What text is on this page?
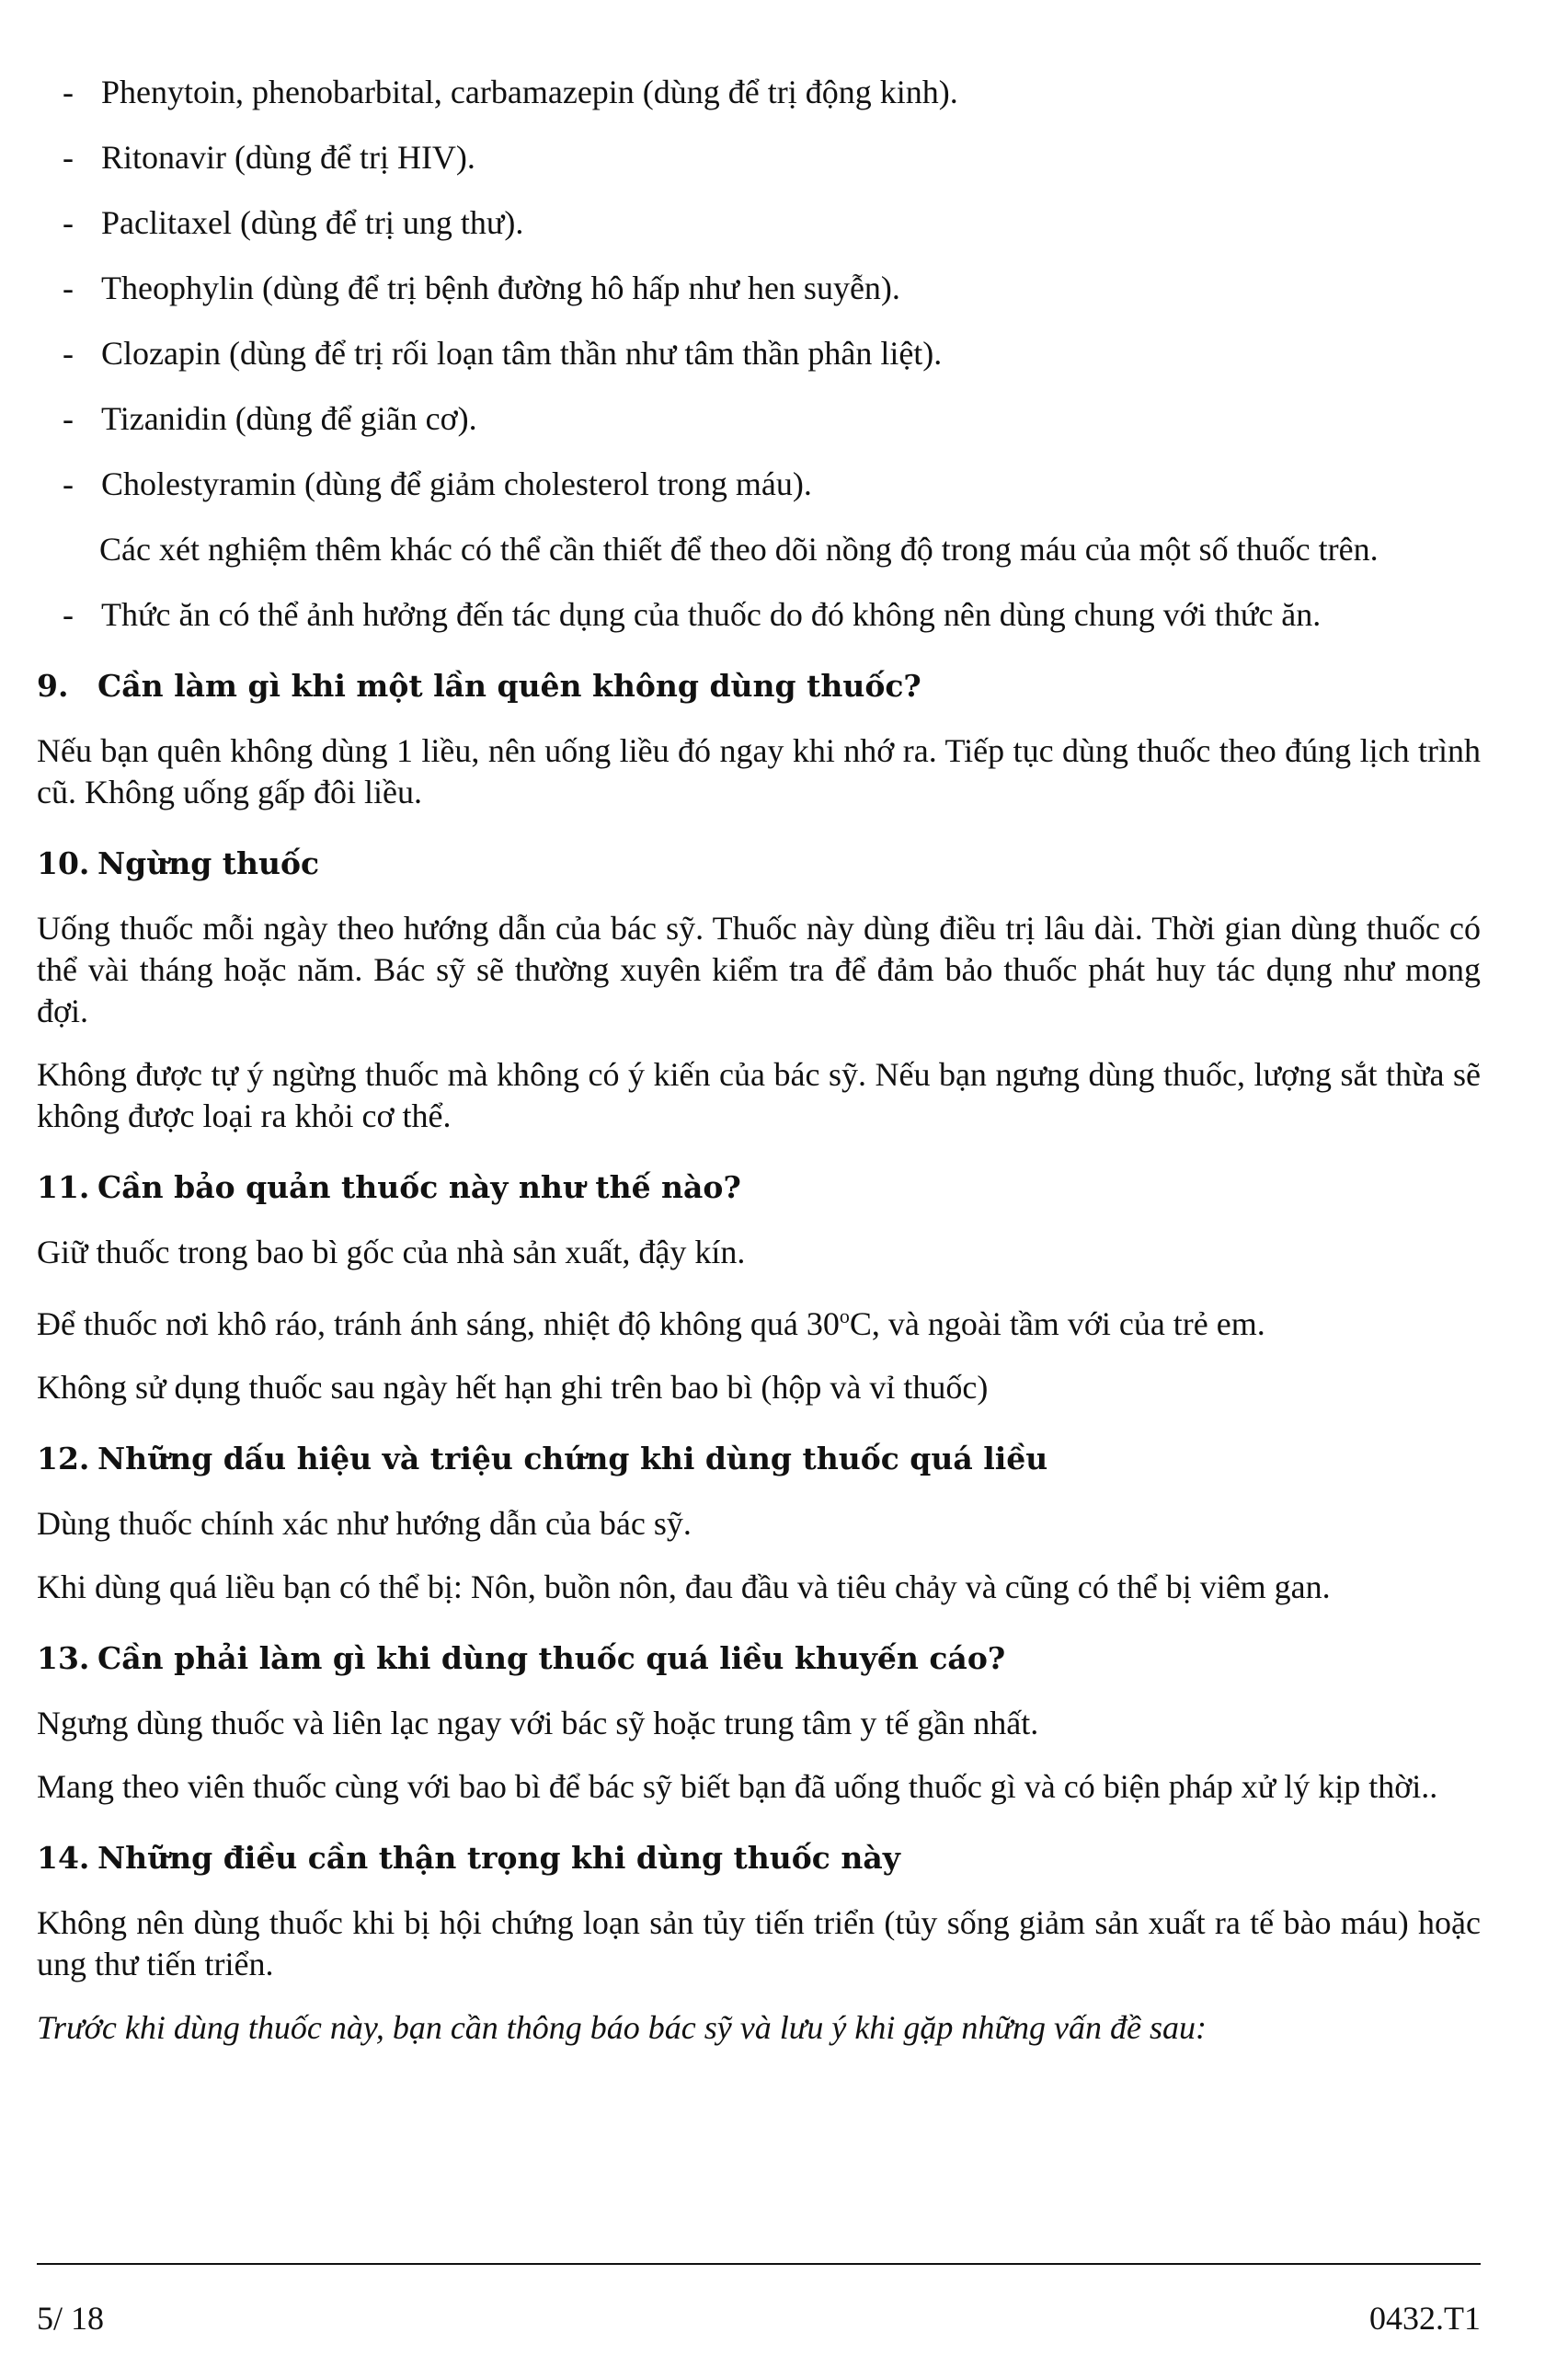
- Phenytoin, phenobarbital, carbamazepin (dùng để trị động kinh).
- Ritonavir (dùng để trị HIV).
- Paclitaxel (dùng để trị ung thư).
- Theophylin (dùng để trị bệnh đường hô hấp như hen suyễn).
- Clozapin (dùng để trị rối loạn tâm thần như tâm thần phân liệt).
- Tizanidin (dùng để giãn cơ).
- Cholestyramin (dùng để giảm cholesterol trong máu).

Các xét nghiệm thêm khác có thể cần thiết để theo dõi nồng độ trong máu của một số thuốc trên.

- Thức ăn có thể ảnh hưởng đến tác dụng của thuốc do đó không nên dùng chung với thức ăn.
9. Cần làm gì khi một lần quên không dùng thuốc?

Nếu bạn quên không dùng 1 liều, nên uống liều đó ngay khi nhớ ra. Tiếp tục dùng thuốc theo đúng lịch trình cũ. Không uống gấp đôi liều.

10. Ngừng thuốc

Uống thuốc mỗi ngày theo hướng dẫn của bác sỹ. Thuốc này dùng điều trị lâu dài. Thời gian dùng thuốc có thể vài tháng hoặc năm. Bác sỹ sẽ thường xuyên kiểm tra để đảm bảo thuốc phát huy tác dụng như mong đợi.

Không được tự ý ngừng thuốc mà không có ý kiến của bác sỹ. Nếu bạn ngưng dùng thuốc, lượng sắt thừa sẽ không được loại ra khỏi cơ thể.

11. Cần bảo quản thuốc này như thế nào?

Giữ thuốc trong bao bì gốc của nhà sản xuất, đậy kín.

Để thuốc nơi khô ráo, tránh ánh sáng, nhiệt độ không quá 30$^o$C, và ngoài tầm với của trẻ em.

Không sử dụng thuốc sau ngày hết hạn ghi trên bao bì (hộp và vỉ thuốc)

12. Những dấu hiệu và triệu chứng khi dùng thuốc quá liều

Dùng thuốc chính xác như hướng dẫn của bác sỹ.

Khi dùng quá liều bạn có thể bị: Nôn, buồn nôn, đau đầu và tiêu chảy và cũng có thể bị viêm gan.

13. Cần phải làm gì khi dùng thuốc quá liều khuyến cáo?

Ngưng dùng thuốc và liên lạc ngay với bác sỹ hoặc trung tâm y tế gần nhất.

Mang theo viên thuốc cùng với bao bì để bác sỹ biết bạn đã uống thuốc gì và có biện pháp xử lý kịp thời..

14. Những điều cần thận trọng khi dùng thuốc này

Không nên dùng thuốc khi bị hội chứng loạn sản tủy tiến triển (tủy sống giảm sản xuất ra tế bào máu) hoặc ung thư tiến triển.

Trước khi dùng thuốc này, bạn cần thông báo bác sỹ và lưu ý khi gặp những vấn đề sau:

5/ 18	0432.T1
